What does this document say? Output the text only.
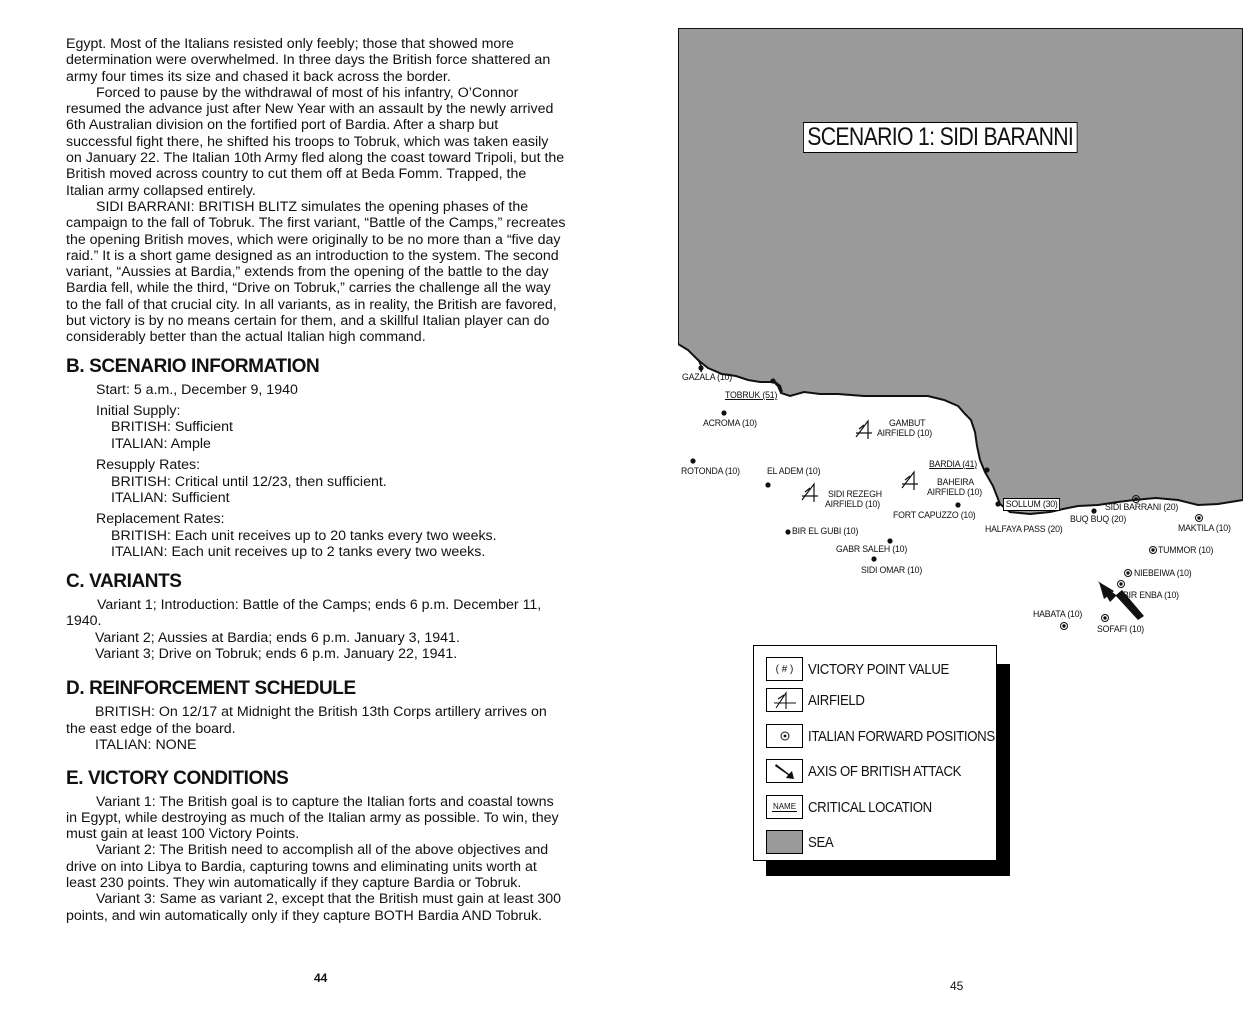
Egypt. Most of the Italians resisted only feebly; those that showed more determination were overwhelmed. In three days the British force shattered an army four times its size and chased it back across the border.

Forced to pause by the withdrawal of most of his infantry, O’Connor resumed the advance just after New Year with an assault by the newly arrived 6th Australian division on the fortified port of Bardia. After a sharp but successful fight there, he shifted his troops to Tobruk, which was taken easily on January 22. The Italian 10th Army fled along the coast toward Tripoli, but the British moved across country to cut them off at Beda Fomm. Trapped, the Italian army collapsed entirely.

SIDI BARRANI: BRITISH BLITZ simulates the opening phases of the campaign to the fall of Tobruk. The first variant, “Battle of the Camps,” recreates the opening British moves, which were originally to be no more than a “five day raid.” It is a short game designed as an introduction to the system. The second variant, “Aussies at Bardia,” extends from the opening of the battle to the day Bardia fell, while the third, “Drive on Tobruk,” carries the challenge all the way to the fall of that crucial city. In all variants, as in reality, the British are favored, but victory is by no means certain for them, and a skillful Italian player can do considerably better than the actual Italian high command.

B. SCENARIO INFORMATION
Start: 5 a.m., December 9, 1940
Initial Supply:
BRITISH: Sufficient
ITALIAN: Ample
Resupply Rates:
BRITISH: Critical until 12/23, then sufficient.
ITALIAN: Sufficient
Replacement Rates:
BRITISH: Each unit receives up to 20 tanks every two weeks.
ITALIAN: Each unit receives up to 2 tanks every two weeks.
C. VARIANTS
Variant 1; Introduction: Battle of the Camps; ends 6 p.m. December 11, 1940.
Variant 2; Aussies at Bardia; ends 6 p.m. January 3, 1941.
Variant 3; Drive on Tobruk; ends 6 p.m. January 22, 1941.
D. REINFORCEMENT SCHEDULE
BRITISH: On 12/17 at Midnight the British 13th Corps artillery arrives on the east edge of the board.
ITALIAN: NONE
E. VICTORY CONDITIONS

Variant 1: The British goal is to capture the Italian forts and coastal towns in Egypt, while destroying as much of the Italian army as possible. To win, they must gain at least 100 Victory Points.

Variant 2: The British need to accomplish all of the above objectives and drive on into Libya to Bardia, capturing towns and eliminating units worth at least 230 points. They win automatically if they capture Bardia or Tobruk.

Variant 3: Same as variant 2, except that the British must gain at least 300 points, and win automatically only if they capture BOTH Bardia AND Tobruk.

44
SCENARIO 1: SIDI BARANNI
GAZALA (10)
TOBRUK (51)
ACROMA (10)	GAMBUT
AIRFIELD (10)
ROTONDA (10)	EL ADEM (10)
BARDIA (41)
BAHEIRA
AIRFIELD (10)
SIDI REZEGH
AIRFIELD (10)
FORT CAPUZZO (10)
SOLLUM (30)
HALFAYA PASS (20)
BUQ BUQ (20)
SIDI BARRANI (20)
MAKTILA (10)
BIR EL GUBI (10)
GABR SALEH (10)
SIDI OMAR (10)
TUMMOR (10)
NIEBEIWA (10)
BIR ENBA (10)
HABATA (10)
SOFAFI (10)
( # ) VICTORY POINT VALUE
AIRFIELD
ITALIAN FORWARD POSITIONS
AXIS OF BRITISH ATTACK
NAME CRITICAL LOCATION
SEA
45
